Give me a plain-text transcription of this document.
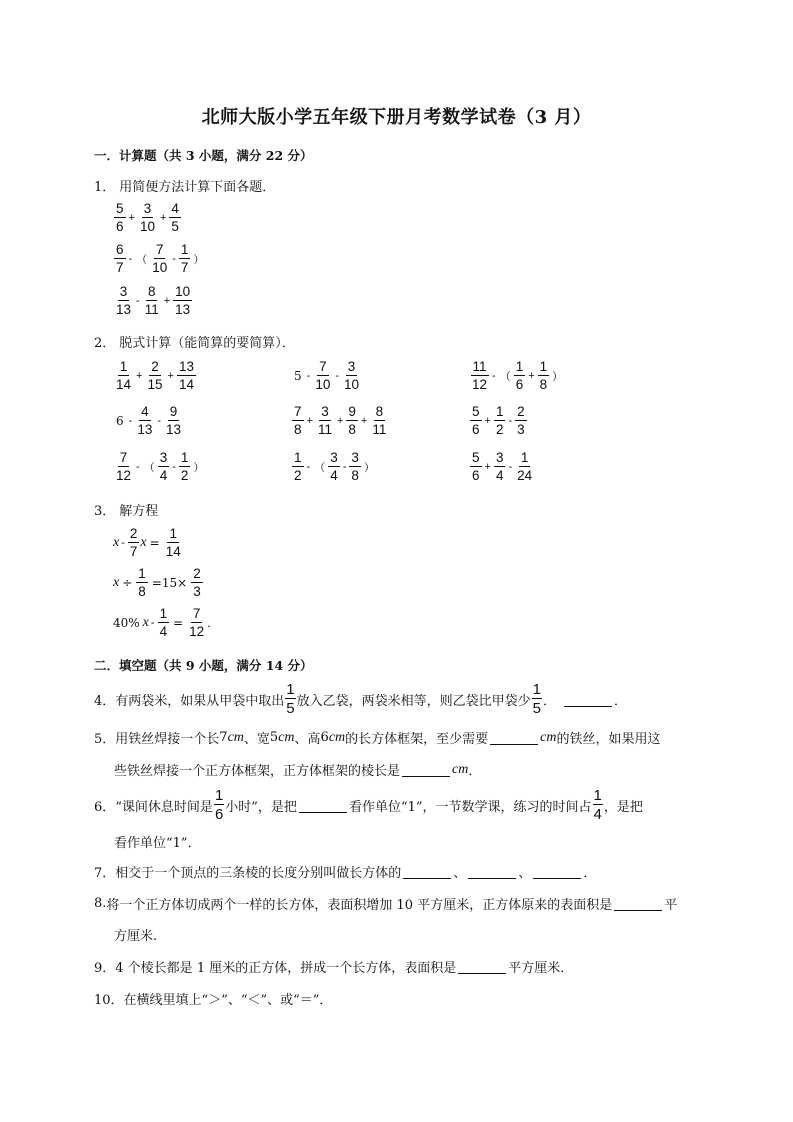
北师大版小学五年级下册月考数学试卷（3 月）
一．计算题（共 3 小题，满分 22 分）
1． 用简便方法计算下面各题．
$\frac{5}{6} + \frac{3}{10} + \frac{4}{5}$
$\frac{6}{7}$ - （ $\frac{7}{10} - \frac{1}{7}$ ）
$\frac{3}{13} - \frac{8}{11} + \frac{10}{13}$
2． 脱式计算（能简算的要简算）．
$\frac{1}{14} + \frac{2}{15} + \frac{13}{14}$	$5 - \frac{7}{10} - \frac{3}{10}$	$\frac{11}{12}$ - （ $\frac{1}{6} + \frac{1}{8}$ ）
$6 - \frac{4}{13} - \frac{9}{13}$	$\frac{7}{8} + \frac{3}{11} + \frac{9}{8} + \frac{8}{11}$	$\frac{5}{6} + \frac{1}{2} - \frac{2}{3}$
$\frac{7}{12}$ - （ $\frac{3}{4} - \frac{1}{2}$ ）	$\frac{1}{2}$ - （ $\frac{3}{4} - \frac{3}{8}$ ）	$\frac{5}{6} + \frac{3}{4} - \frac{1}{24}$
3． 解方程
x - $\frac{2}{7}$ $x = \frac{1}{14}$
$x \div \frac{1}{8} =15\times \frac{2}{3}$
40% $x - \frac{1}{4} = \frac{7}{12}$ .
二．填空题（共 9 小题，满分 14 分）
4． 有两袋米，如果从甲袋中取出 $\frac{1}{5}$ 放入乙袋，两袋米相等，则乙袋比甲袋少 $\frac{1}{5}$ ．	．
5． 用铁丝焊接一个长 7 cm 、宽 5 cm 、高 6 cm 的长方体框架，至少需要	cm 的铁丝，如果用这
些铁丝焊接一个正方体框架，正方体框架的棱长是	cm ．
6． “课间休息时间是 $\frac{1}{6}$ 小时”，是把	看作单位“1”，一节数学课，练习的时间占 $\frac{1}{4}$ ，是把
看作单位“1”．
7． 相交于一个顶点的三条棱的长度分别叫做长方体的	、	、	．
8. 将一个正方体切成两个一样的长方体，表面积增加 10 平方厘米，正方体原来的表面积是	平
方厘米.
9． 4 个棱长都是 1 厘米的正方体，拼成一个长方体，表面积是	平方厘米．
10． 在横线里填上“＞”、“＜”、或“＝”．
